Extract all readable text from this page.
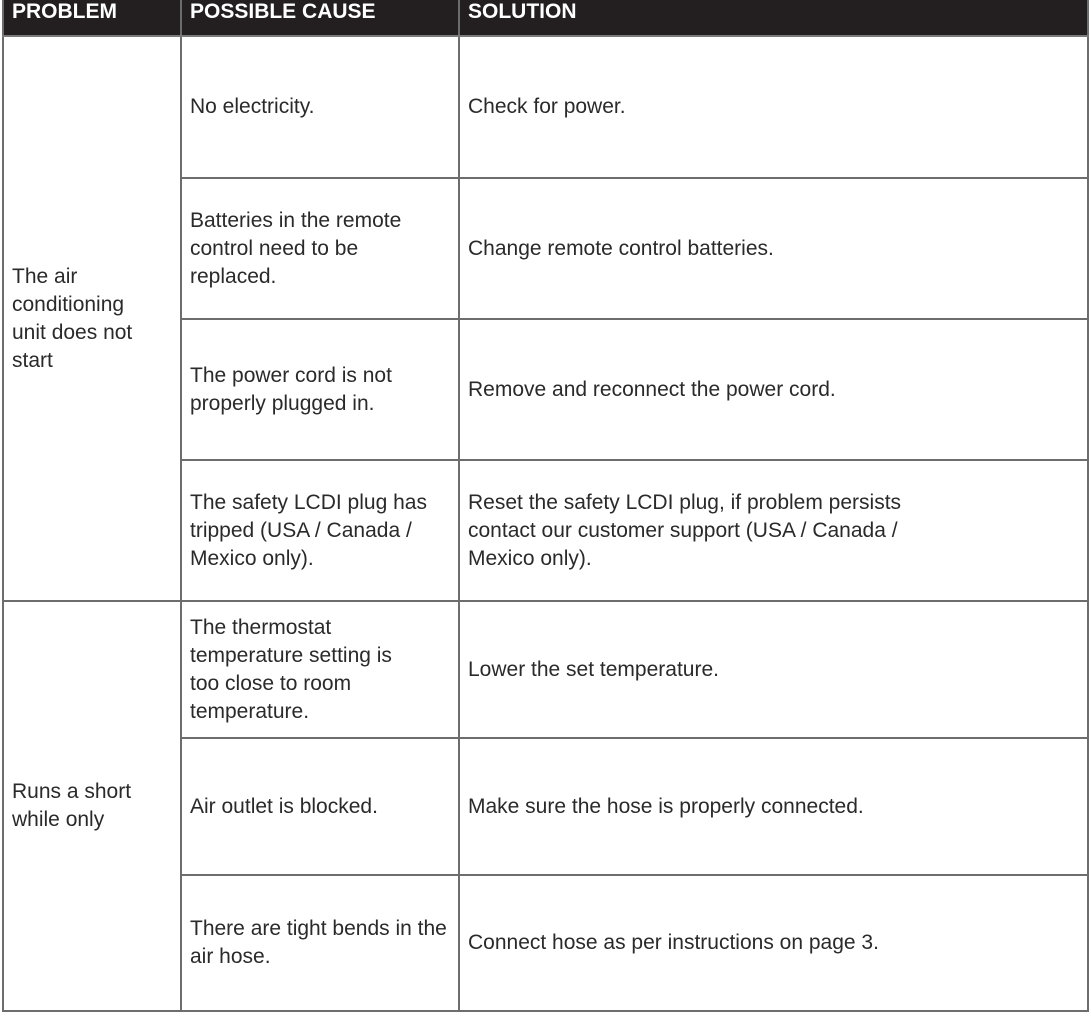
PROBLEM	POSSIBLE CAUSE	SOLUTION
The air conditioning unit does not start	No electricity.	Check for power.
	Batteries in the remote control need to be replaced.	Change remote control batteries.
	The power cord is not properly plugged in.	Remove and reconnect the power cord.
	The safety LCDI plug has tripped (USA / Canada / Mexico only).	Reset the safety LCDI plug, if problem persists contact our customer support (USA / Canada / Mexico only).
Runs a short while only	The thermostat temperature setting is too close to room temperature.	Lower the set temperature.
	Air outlet is blocked.	Make sure the hose is properly connected.
	There are tight bends in the air hose.	Connect hose as per instructions on page 3.
